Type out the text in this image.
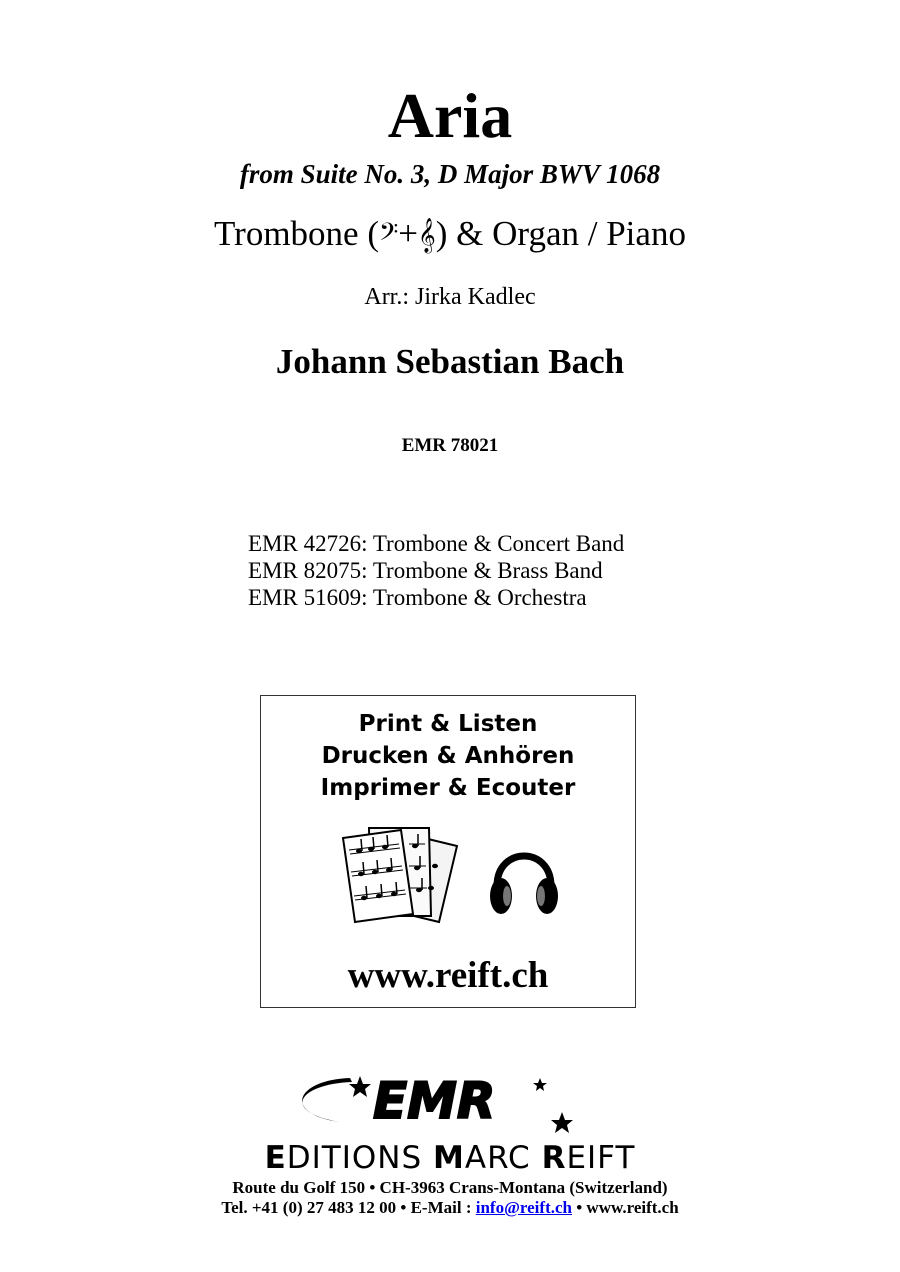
Aria
from Suite No. 3, D Major BWV 1068
Trombone (𝄢+𝄞) & Organ / Piano
Arr.: Jirka Kadlec
Johann Sebastian Bach
EMR 78021
EMR 42726: Trombone & Concert Band
EMR 82075: Trombone & Brass Band
EMR 51609: Trombone & Orchestra
Print & Listen
Drucken & Anhören
Imprimer & Ecouter
www.reift.ch
EMR
EDITIONS MARC REIFT
Route du Golf 150 • CH-3963 Crans-Montana (Switzerland)
Tel. +41 (0) 27 483 12 00 • E-Mail : info@reift.ch • www.reift.ch
